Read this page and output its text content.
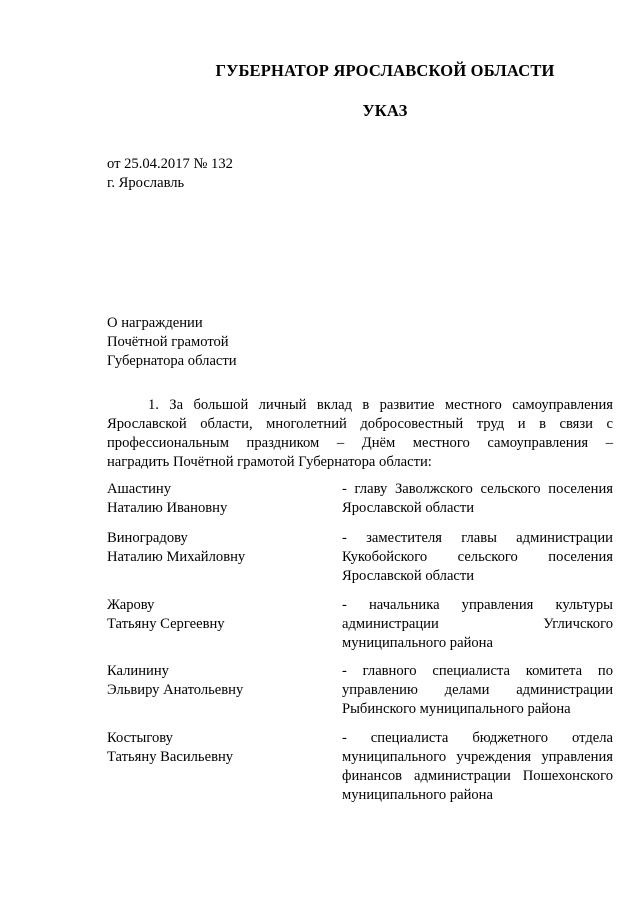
ГУБЕРНАТОР ЯРОСЛАВСКОЙ ОБЛАСТИ
УКАЗ
от 25.04.2017 № 132
г. Ярославль
О награждении
Почётной грамотой
Губернатора области
1. За большой личный вклад в развитие местного самоуправления
Ярославской области, многолетний добросовестный труд и в связи с
профессиональным праздником – Днём местного самоуправления –
наградить Почётной грамотой Губернатора области:
Ашастину
Наталию Ивановну
- главу Заволжского сельского поселения
Ярославской области
Виноградову
Наталию Михайловну
- заместителя главы администрации
Кукобойского сельского поселения
Ярославской области
Жарову
Татьяну Сергеевну
- начальника управления культуры
администрации Угличского
муниципального района
Калинину
Эльвиру Анатольевну
- главного специалиста комитета по
управлению делами администрации
Рыбинского муниципального района
Костыгову
Татьяну Васильевну
- специалиста бюджетного отдела
муниципального учреждения управления
финансов администрации Пошехонского
муниципального района
